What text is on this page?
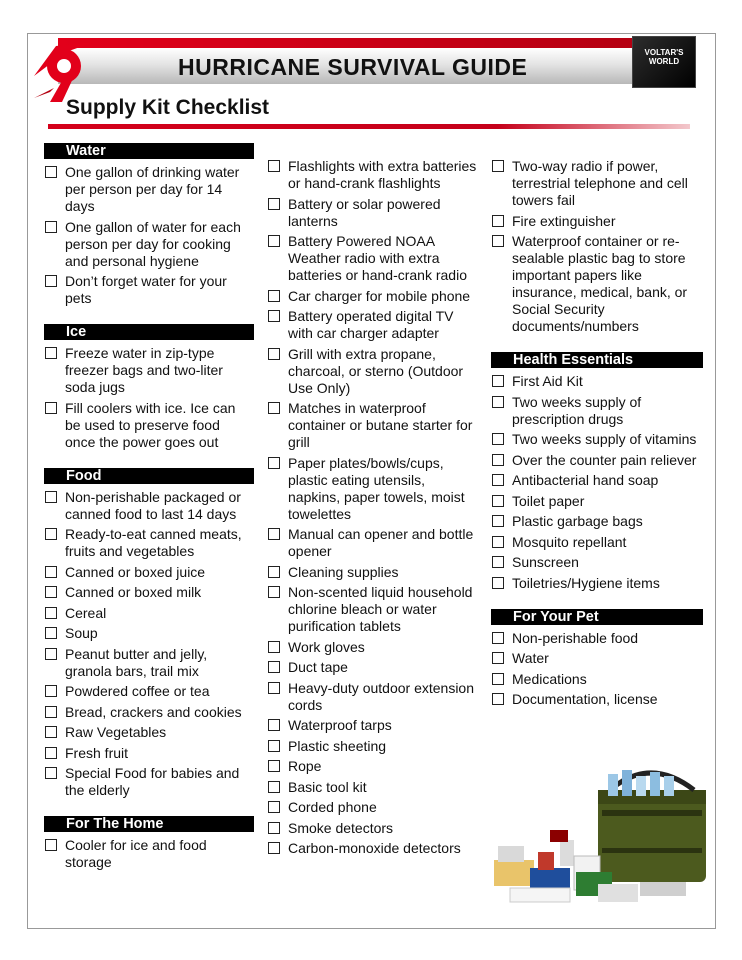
HURRICANE SURVIVAL GUIDE
VOLTAR'S
WORLD
Supply Kit Checklist
Water
One gallon of drinking water per person per day for 14 days
One gallon of water for each person per day for cooking and personal hygiene
Don’t forget water for your pets
Ice
Freeze water in zip-type freezer bags and two-liter soda jugs
Fill coolers with ice. Ice can be used to preserve food once the power goes out
Food
Non-perishable packaged or canned food to last 14 days
Ready-to-eat canned meats, fruits and vegetables
Canned or boxed juice
Canned or boxed milk
Cereal
Soup
Peanut butter and jelly, granola bars, trail mix
Powdered coffee or tea
Bread, crackers and cookies
Raw Vegetables
Fresh fruit
Special Food for babies and the elderly
For The Home
Cooler for ice and food storage
Flashlights with extra batteries or hand-crank flashlights
Battery or solar powered lanterns
Battery Powered NOAA Weather radio with extra batteries or hand-crank radio
Car charger for mobile phone
Battery operated digital TV with car charger adapter
Grill with extra propane, charcoal, or sterno (Outdoor Use Only)
Matches in waterproof container or butane starter for grill
Paper plates/bowls/cups, plastic eating utensils, napkins, paper towels, moist towelettes
Manual can opener and bottle opener
Cleaning supplies
Non-scented liquid household chlorine bleach or water purification tablets
Work gloves
Duct tape
Heavy-duty outdoor extension cords
Waterproof tarps
Plastic sheeting
Rope
Basic tool kit
Corded phone
Smoke detectors
Carbon-monoxide detectors
Two-way radio if power, terrestrial telephone and cell towers fail
Fire extinguisher
Waterproof container or re-sealable plastic bag to store important papers like insurance, medical, bank, or Social Security documents/numbers
Health Essentials
First Aid Kit
Two weeks supply of prescription drugs
Two weeks supply of vitamins
Over the counter pain reliever
Antibacterial hand soap
Toilet paper
Plastic garbage bags
Mosquito repellant
Sunscreen
Toiletries/Hygiene items
For Your Pet
Non-perishable food
Water
Medications
Documentation, license
